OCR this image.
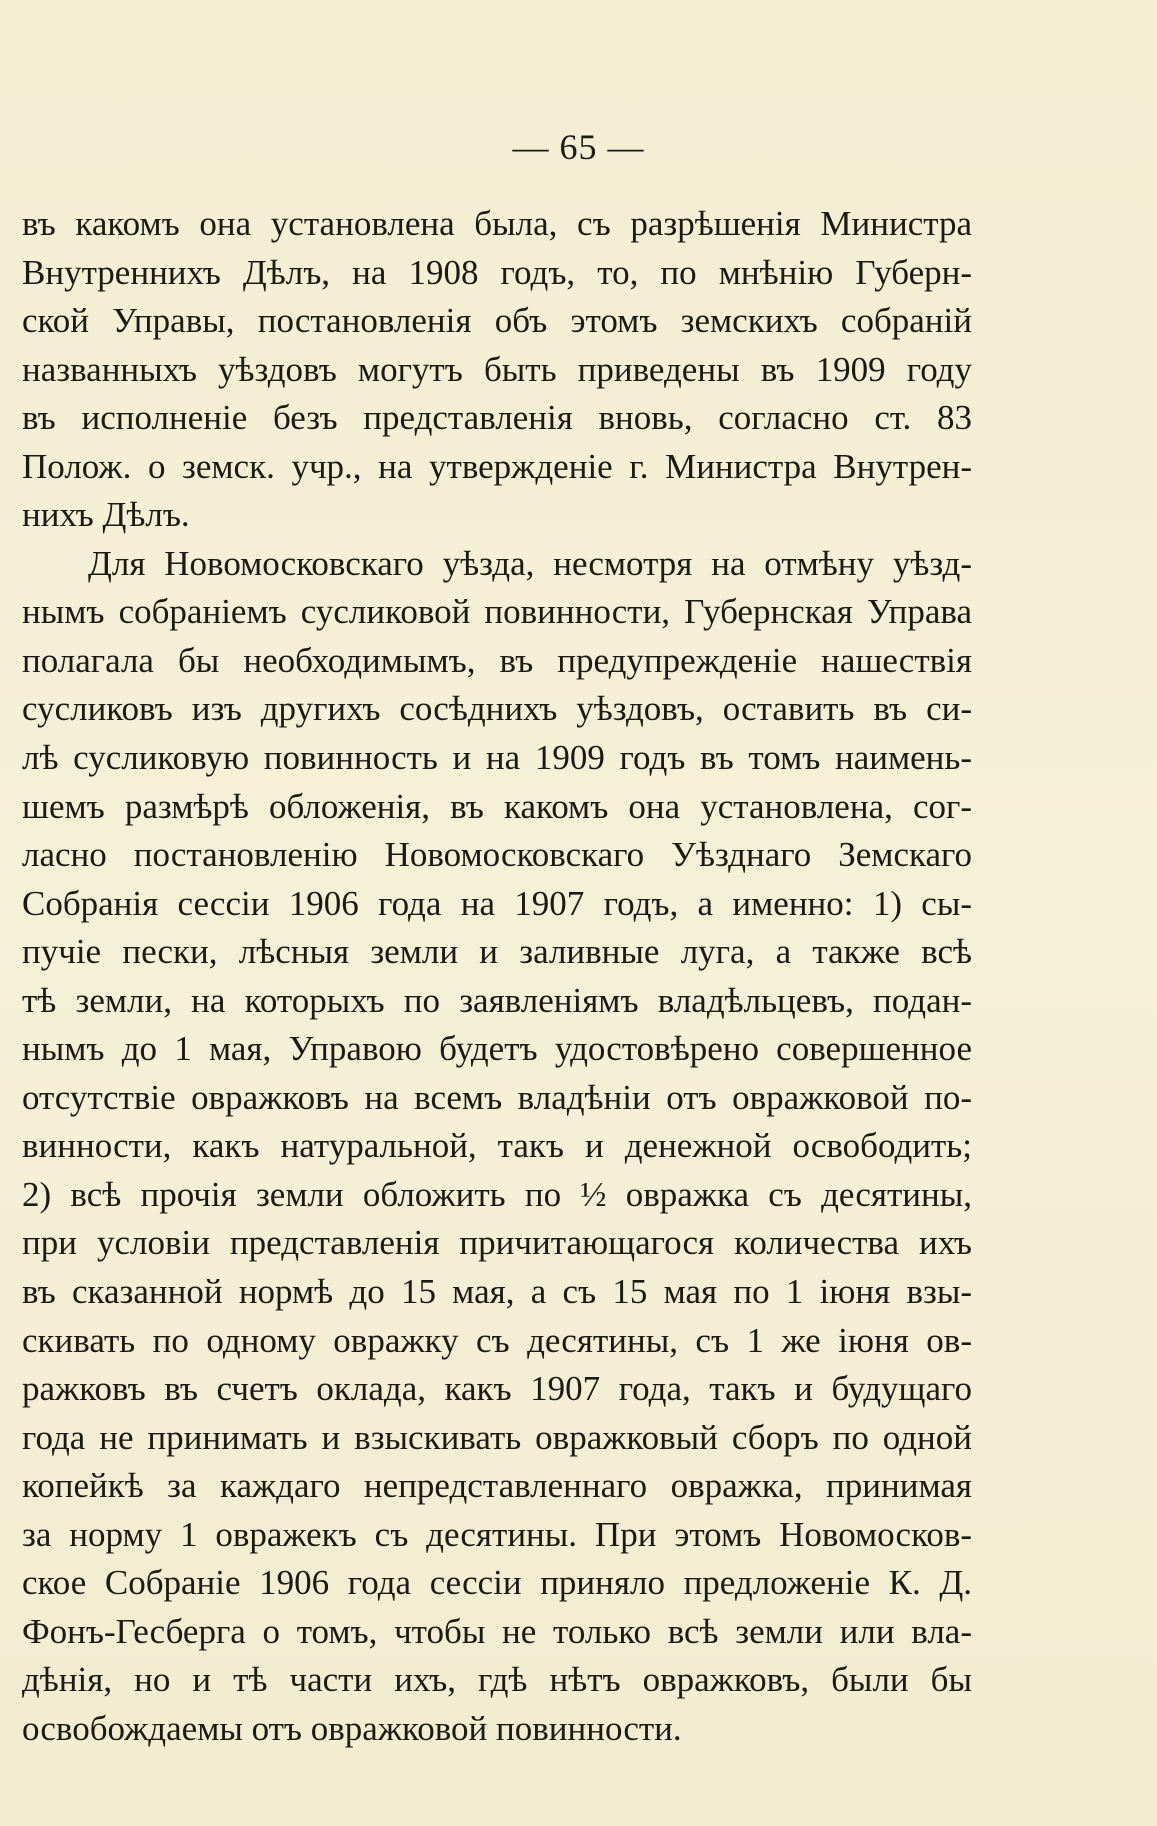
— 65 —
въ какомъ она установлена была, съ разрѣшенія Министра
Внутреннихъ Дѣлъ, на 1908 годъ, то, по мнѣнію Губерн-
ской Управы, постановленія объ этомъ земскихъ собраній
названныхъ уѣздовъ могутъ быть приведены въ 1909 году
въ исполненіе безъ представленія вновь, согласно ст. 83
Полож. о земск. учр., на утвержденіе г. Министра Внутрен-
нихъ Дѣлъ.
Для Новомосковскаго уѣзда, несмотря на отмѣну уѣзд-
нымъ собраніемъ сусликовой повинности, Губернская Управа
полагала бы необходимымъ, въ предупрежденіе нашествія
сусликовъ изъ другихъ сосѣднихъ уѣздовъ, оставить въ си-
лѣ сусликовую повинность и на 1909 годъ въ томъ наимень-
шемъ размѣрѣ обложенія, въ какомъ она установлена, сог-
ласно постановленію Новомосковскаго Уѣзднаго Земскаго
Собранія сессіи 1906 года на 1907 годъ, а именно: 1) сы-
пучіе пески, лѣсныя земли и заливные луга, а также всѣ
тѣ земли, на которыхъ по заявленіямъ владѣльцевъ, подан-
нымъ до 1 мая, Управою будетъ удостовѣрено совершенное
отсутствіе овражковъ на всемъ владѣніи отъ овражковой по-
винности, какъ натуральной, такъ и денежной освободить;
2) всѣ прочія земли обложить по ½ овражка съ десятины,
при условіи представленія причитающагося количества ихъ
въ сказанной нормѣ до 15 мая, а съ 15 мая по 1 іюня взы-
скивать по одному овражку съ десятины, съ 1 же іюня ов-
ражковъ въ счетъ оклада, какъ 1907 года, такъ и будущаго
года не принимать и взыскивать овражковый сборъ по одной
копейкѣ за каждаго непредставленнаго овражка, принимая
за норму 1 овражекъ съ десятины. При этомъ Новомосков-
ское Собраніе 1906 года сессіи приняло предложеніе К. Д.
Фонъ-Гесберга о томъ, чтобы не только всѣ земли или вла-
дѣнія, но и тѣ части ихъ, гдѣ нѣтъ овражковъ, были бы
освобождаемы отъ овражковой повинности.
